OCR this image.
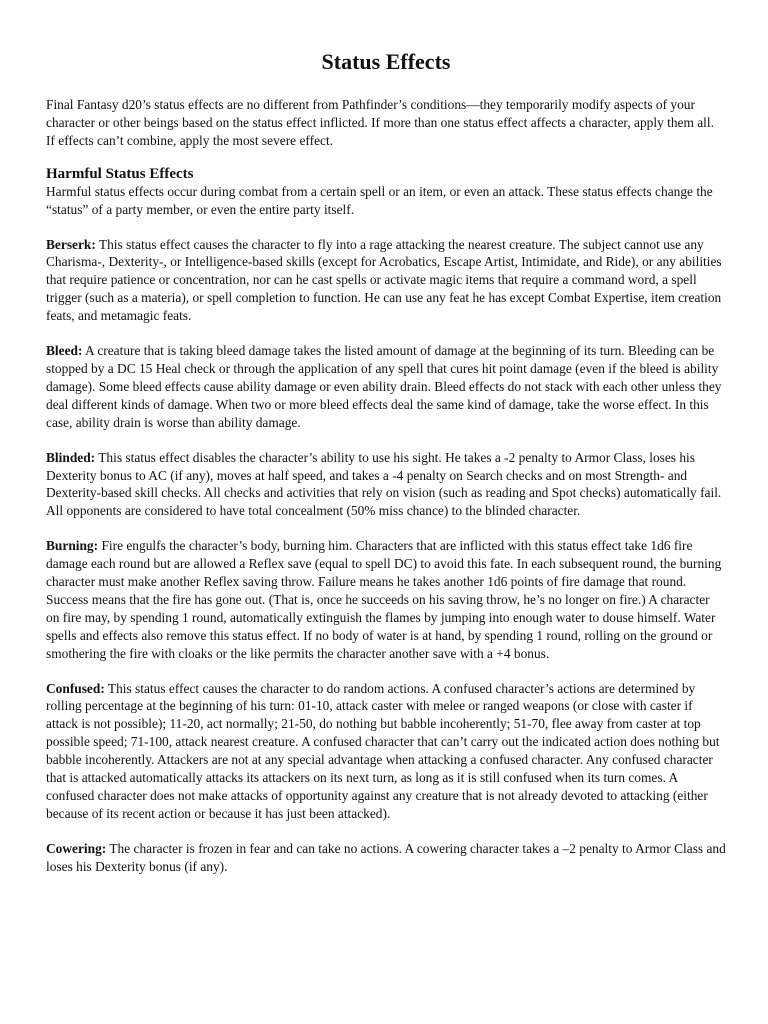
Status Effects

Final Fantasy d20’s status effects are no different from Pathfinder’s conditions—they temporarily modify aspects of your character or other beings based on the status effect inflicted. If more than one status effect affects a character, apply them all. If effects can’t combine, apply the most severe effect.

Harmful Status Effects

Harmful status effects occur during combat from a certain spell or an item, or even an attack. These status effects change the “status” of a party member, or even the entire party itself.

Berserk: This status effect causes the character to fly into a rage attacking the nearest creature. The subject cannot use any Charisma-, Dexterity-, or Intelligence-based skills (except for Acrobatics, Escape Artist, Intimidate, and Ride), or any abilities that require patience or concentration, nor can he cast spells or activate magic items that require a command word, a spell trigger (such as a materia), or spell completion to function. He can use any feat he has except Combat Expertise, item creation feats, and metamagic feats.

Bleed: A creature that is taking bleed damage takes the listed amount of damage at the beginning of its turn. Bleeding can be stopped by a DC 15 Heal check or through the application of any spell that cures hit point damage (even if the bleed is ability damage). Some bleed effects cause ability damage or even ability drain. Bleed effects do not stack with each other unless they deal different kinds of damage. When two or more bleed effects deal the same kind of damage, take the worse effect. In this case, ability drain is worse than ability damage.

Blinded: This status effect disables the character’s ability to use his sight. He takes a -2 penalty to Armor Class, loses his Dexterity bonus to AC (if any), moves at half speed, and takes a -4 penalty on Search checks and on most Strength- and Dexterity-based skill checks. All checks and activities that rely on vision (such as reading and Spot checks) automatically fail. All opponents are considered to have total concealment (50% miss chance) to the blinded character.

Burning: Fire engulfs the character’s body, burning him. Characters that are inflicted with this status effect take 1d6 fire damage each round but are allowed a Reflex save (equal to spell DC) to avoid this fate. In each subsequent round, the burning character must make another Reflex saving throw. Failure means he takes another 1d6 points of fire damage that round. Success means that the fire has gone out. (That is, once he succeeds on his saving throw, he’s no longer on fire.) A character on fire may, by spending 1 round, automatically extinguish the flames by jumping into enough water to douse himself. Water spells and effects also remove this status effect. If no body of water is at hand, by spending 1 round, rolling on the ground or smothering the fire with cloaks or the like permits the character another save with a +4 bonus.

Confused: This status effect causes the character to do random actions. A confused character’s actions are determined by rolling percentage at the beginning of his turn: 01-10, attack caster with melee or ranged weapons (or close with caster if attack is not possible); 11-20, act normally; 21-50, do nothing but babble incoherently; 51-70, flee away from caster at top possible speed; 71-100, attack nearest creature. A confused character that can’t carry out the indicated action does nothing but babble incoherently. Attackers are not at any special advantage when attacking a confused character. Any confused character that is attacked automatically attacks its attackers on its next turn, as long as it is still confused when its turn comes. A confused character does not make attacks of opportunity against any creature that is not already devoted to attacking (either because of its recent action or because it has just been attacked).

Cowering: The character is frozen in fear and can take no actions. A cowering character takes a –2 penalty to Armor Class and loses his Dexterity bonus (if any).
